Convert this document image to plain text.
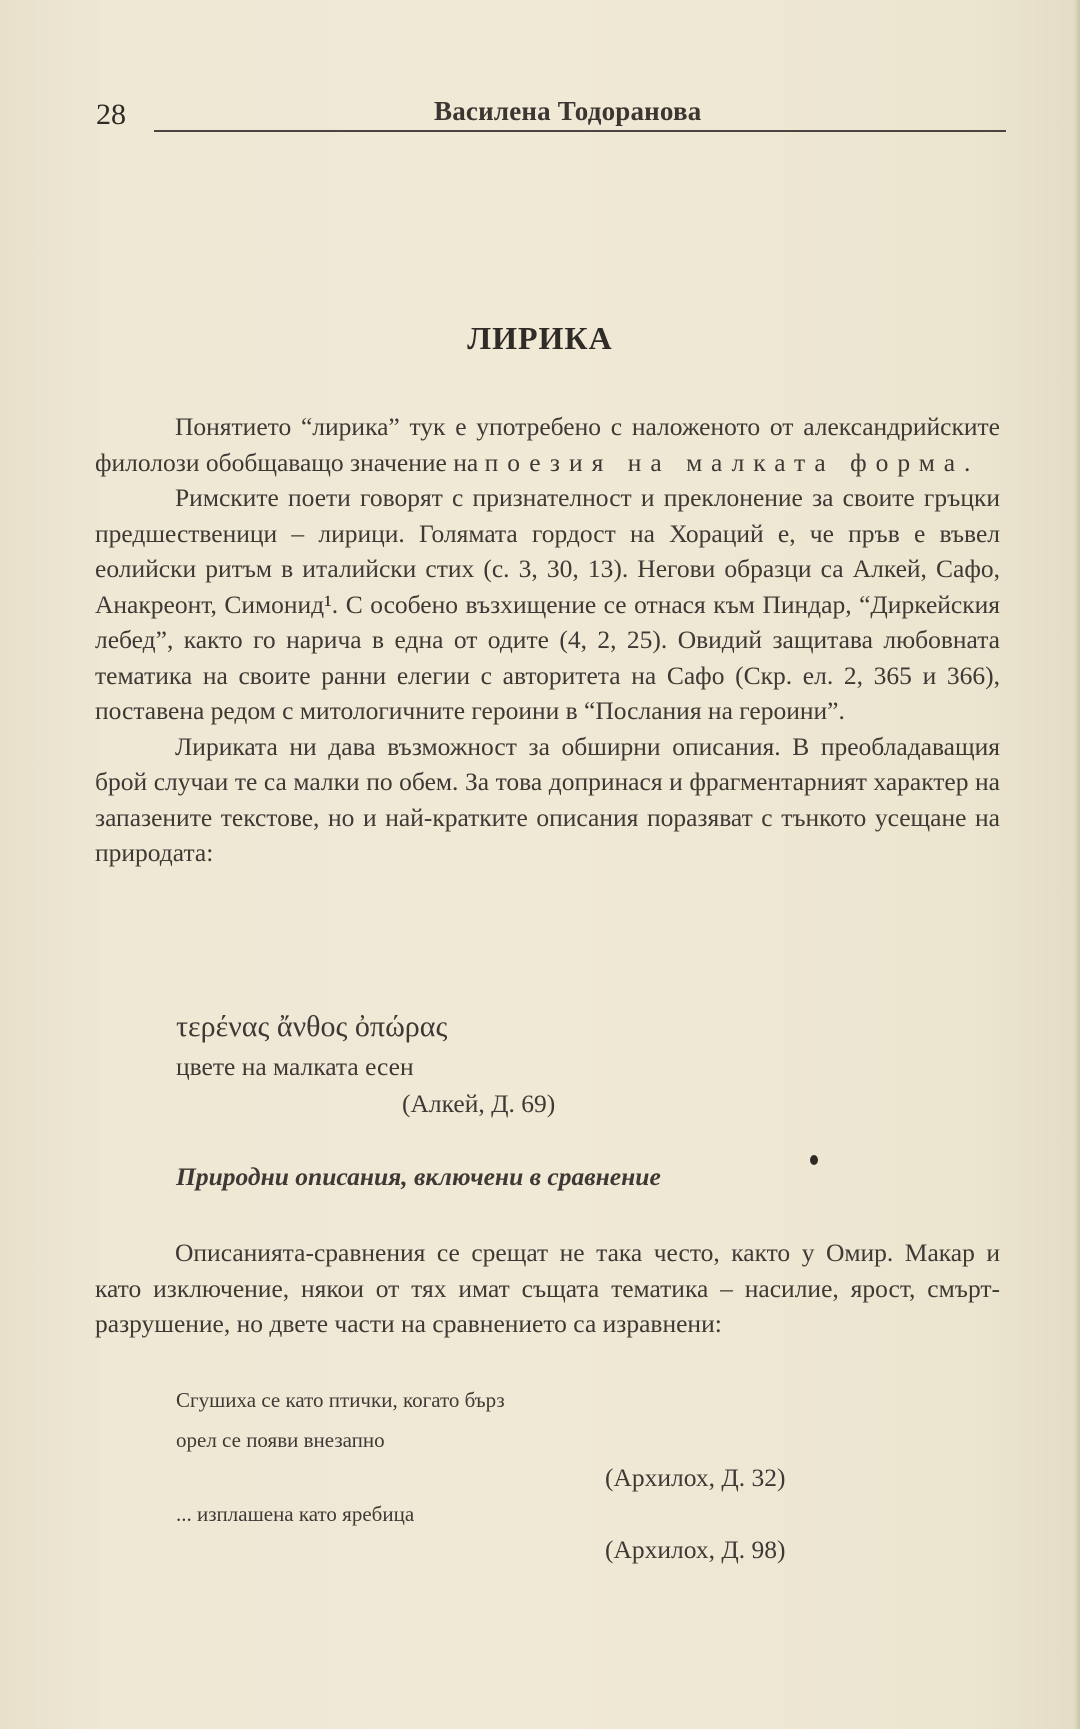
28	Василена Тодоранова
ЛИРИКА

Понятието “лирика” тук е употребено с наложеното от александрийските филолози обобщаващо значение на поезия на малката форма.

Римските поети говорят с признателност и преклонение за своите гръцки предшественици – лирици. Голямата гордост на Хораций е, че пръв е въвел еолийски ритъм в италийски стих (с. 3, 30, 13). Негови образци са Алкей, Сафо, Анакреонт, Симонид¹. С особено възхищение се отнася към Пиндар, “Диркейския лебед”, както го нарича в една от одите (4, 2, 25). Овидий защитава любовната тематика на своите ранни елегии с авторитета на Сафо (Скр. ел. 2, 365 и 366), поставена редом с митологичните героини в “Послания на героини”.

Лириката ни дава възможност за обширни описания. В преобладаващия брой случаи те са малки по обем. За това допринася и фрагментарният характер на запазените текстове, но и най-кратките описания поразяват с тънкото усещане на природата:

τερένας ἄνθος ὀπώρας
цвете на малката есен
(Алкей, Д. 69)
Природни описания, включени в сравнение

Описанията-сравнения се срещат не така често, както у Омир. Макар и като изключение, някои от тях имат същата тематика – насилие, ярост, смърт-разрушение, но двете части на сравнението са изравнени:

Сгушиха се като птички, когато бърз
орел се появи внезапно
(Архилох, Д. 32)
... изплашена като яребица
(Архилох, Д. 98)
